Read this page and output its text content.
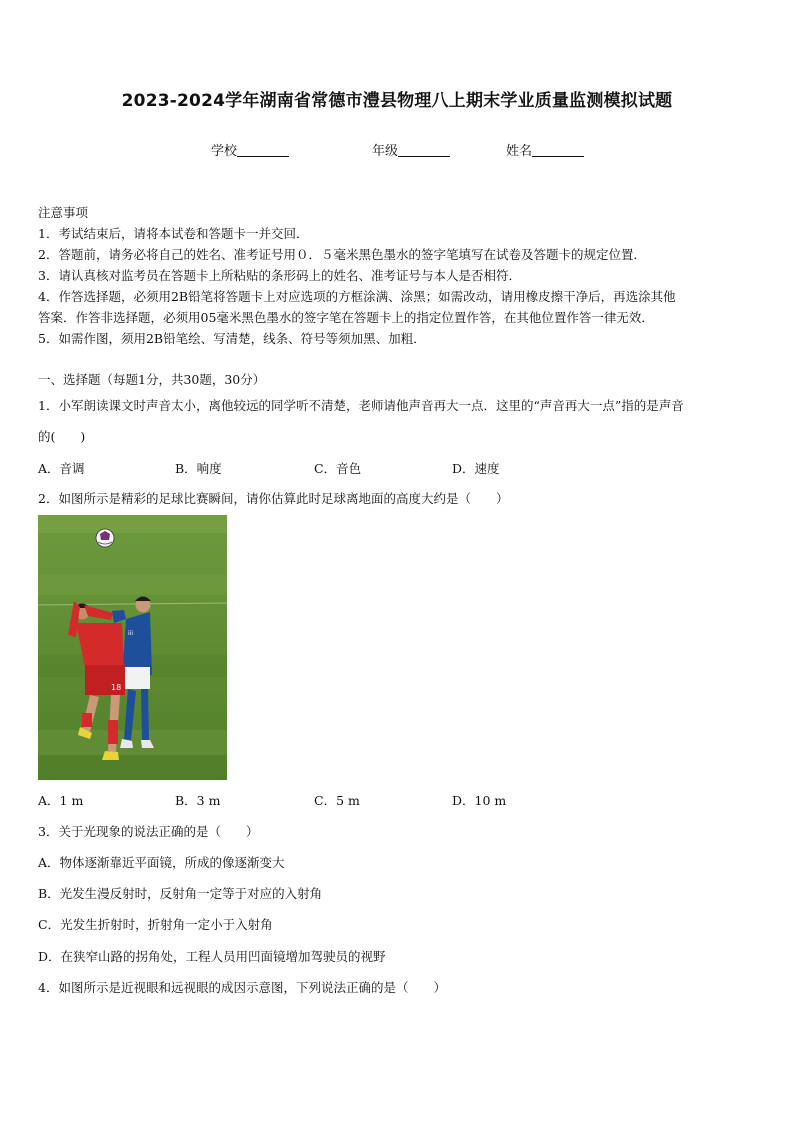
2023-2024学年湖南省常德市澧县物理八上期末学业质量监测模拟试题
学校	年级	姓名
注意事项
1．考试结束后，请将本试卷和答题卡一并交回．
2．答题前，请务必将自己的姓名、准考证号用０．５毫米黑色墨水的签字笔填写在试卷及答题卡的规定位置．
3．请认真核对监考员在答题卡上所粘贴的条形码上的姓名、准考证号与本人是否相符．
4．作答选择题，必须用2B铅笔将答题卡上对应选项的方框涂满、涂黑；如需改动，请用橡皮擦干净后，再选涂其他
答案．作答非选择题，必须用05毫米黑色墨水的签字笔在答题卡上的指定位置作答，在其他位置作答一律无效．
5．如需作图，须用2B铅笔绘、写清楚，线条、符号等须加黑、加粗．
一、选择题（每题1分，共30题，30分）
1．小军朗读课文时声音太小，离他较远的同学听不清楚，老师请他声音再大一点．这里的“声音再大一点”指的是声音
的(　　)
A．音调	B．响度	C．音色	D．速度
2．如图所示是精彩的足球比赛瞬间，请你估算此时足球离地面的高度大约是（　　）
iii
18
A．1 m	B．3 m	C．5 m	D．10 m
3．关于光现象的说法正确的是（　　）
A．物体逐渐靠近平面镜，所成的像逐渐变大
B．光发生漫反射时，反射角一定等于对应的入射角
C．光发生折射时，折射角一定小于入射角
D．在狭窄山路的拐角处，工程人员用凹面镜增加驾驶员的视野
4．如图所示是近视眼和远视眼的成因示意图，下列说法正确的是（　　）
